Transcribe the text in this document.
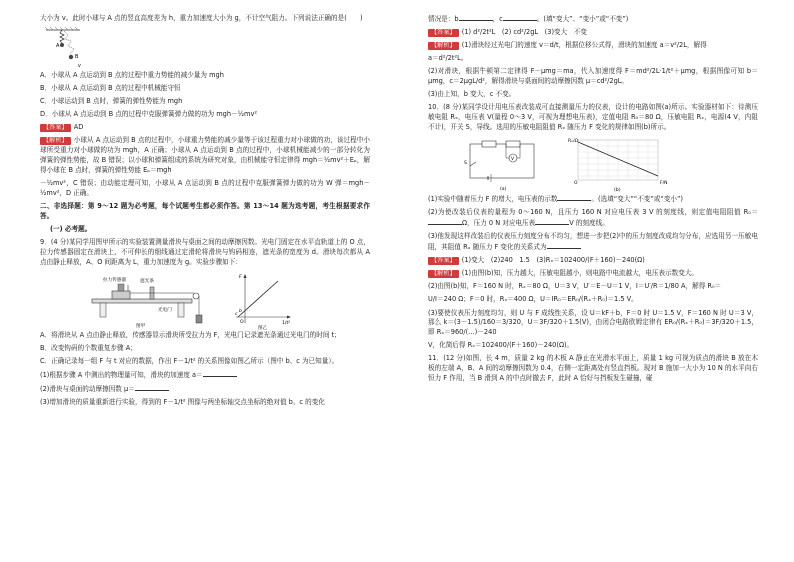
大小为 v。此时小球与 A 点的竖直高度差为 h，重力加速度大小为 g，不计空气阻力。下列说法正确的是(　　)

A
B
v

A．小球从 A 点运动到 B 点的过程中重力势能的减少量为 mgh

B．小球从 A 点运动到 B 点的过程中机械能守恒

C．小球运动到 B 点时，弹簧的弹性势能为 mgh

D．小球从 A 点运动到 B 点的过程中克服弹簧弹力做的功为 mgh－½mv²

【答案】 AD

【解析】 小球从 A 点运动到 B 点的过程中，小球重力势能的减少量等于该过程重力对小球做的功，该过程中小球所受重力对小球做的功为 mgh，A 正确；小球从 A 点运动到 B 点的过程中，小球机械能减少的一部分转化为弹簧的弹性势能，故 B 错误；以小球和弹簧组成的系统为研究对象，由机械能守恒定律得 mgh＝½mv²＋Eₚ，解得小球在 B 点时，弹簧的弹性势能 Eₚ＝mgh

－½mv²，C 错误；由动能定理可知，小球从 A 点运动到 B 点的过程中克服弹簧弹力做的功为 W 弹＝mgh－½mv²，D 正确。

二、非选择题：第 9～12 题为必考题，每个试题考生都必须作答。第 13～14 题为选考题，考生根据要求作答。

(一) 必考题。

9．(4 分)某同学用图甲所示的实验装置测量滑块与桌面之间的动摩擦因数。光电门固定在水平直轨道上的 O 点，拉力传感器固定在滑块上，不可伸长的细线通过定滑轮将滑块与钩码相连，遮光条的宽度为 d。滑块每次都从 A 点由静止释放，A、O 间距离为 L，重力加速度为 g。实验步骤如下：

拉力传感器	遮光条
光电门
图甲
F
1/t²
O
b
c
图乙

A．将滑块从 A 点由静止释放，传感器显示滑块所受拉力为 F，光电门记录遮光条通过光电门的时间 t；

B．改变钩码的个数重复步骤 A；

C．正确记录每一组 F 与 t 对应的数据，作出 F－1/t² 的关系图像如图乙所示（图中 b、c 为已知量）。

(1)根据步骤 A 中测出的物理量可知，滑块的加速度 a＝

(2)滑块与桌面的动摩擦因数 μ＝

(3)增加滑块的质量重新进行实验，得到的 F－1/t² 图像与两坐标轴交点坐标的绝对值 b、c 的变化

情况是：b	，c	。(填“变大”、“变小”或“不变”)

【答案】 (1) d²/2t²L　(2) cd²/2gL　(3)变大　不变

【解析】 (1)滑块经过光电门的速度 v＝d/t，根据位移公式得，滑块的加速度 a＝v²/2L，解得

a＝d²/2t²L。

(2)对滑块，根据牛顿第二定律得 F－μmg＝ma，代入加速度得 F＝md²/2L·1/t²＋μmg，根据图像可知 b＝μmg，c＝2μgL/d²，解得滑块与桌面间的动摩擦因数 μ＝cd²/2gL。

(3)由上知，b 变大，c 不变。

10．(8 分)某同学设计用电压表改装成可直接测量压力的仪表，设计的电路如图(a)所示。实验器材如下：待测压敏电阻 Rₓ，电压表 V(量程 0～3 V，可视为理想电压表)，定值电阻 R₀＝80 Ω，压敏电阻 Rₓ，电源(4 V，内阻不计)，开关 S，导线。选用的压敏电阻阻值 Rₓ 随压力 F 变化的规律如图(b)所示。

V
S
(a)
Rₓ/Ω
F/N
O
(b)

(1)实验中随着压力 F 的增大，电压表的示数	。(选填“变大”“不变”或“变小”)

(2)为使改装后仪表的量程为 0～160 N，且压力 160 N 对应电压表 3 V 的刻度线，则定值电阻阻值 R₀＝Ω，压力 0 N 对应电压表	V 的刻度线。

(3)他发现这样改装后的仪表压力刻度分布不均匀，想进一步把(2)中的压力刻度改成均匀分布，应选用另一压敏电阻，其阻值 Rₓ 随压力 F 变化的关系式为

【答案】 (1)变大　(2)240　1.5　(3)Rₓ＝102400/(F＋160)－240(Ω)

【解析】 (1)由图(b)知，压力越大，压敏电阻越小，则电路中电流越大，电压表示数变大。

(2)由图(b)知，F＝160 N 时，Rₓ＝80 Ω，U＝3 V，U′＝E－U＝1 V，I＝U′/R＝1/80 A，解得 R₀＝

U/I＝240 Ω；F＝0 时，Rₓ＝400 Ω，U＝IR₀＝ER₀/(Rₓ＋R₀)＝1.5 V。

(3)要使仪表压力刻度均匀，则 U 与 F 成线性关系，设 U＝kF＋b，F＝0 时 U＝1.5 V，F＝160 N 时 U＝3 V，那么 k＝(3－1.5)/160＝3/320，U＝3F/320＋1.5(V)，由闭合电路欧姆定律有 ER₀/(Rₓ＋R₀)＝3F/320＋1.5，即 Rₓ＝960/(…)－240

V，化简后得 Rₓ＝102400/(F＋160)－240(Ω)。

11．(12 分)如图，长 4 m，质量 2 kg 的木板 A 静止在光滑水平面上，质量 1 kg 可视为质点的滑块 B 放在木板的左端 A，B、A 间的动摩擦因数为 0.4，右侧一定距离处有竖直挡板。现对 B 施加一大小为 10 N 的水平向右恒力 F 作用，当 B 滑到 A 的中点时撤去 F，此时 A 恰好与挡板发生碰撞，碰
